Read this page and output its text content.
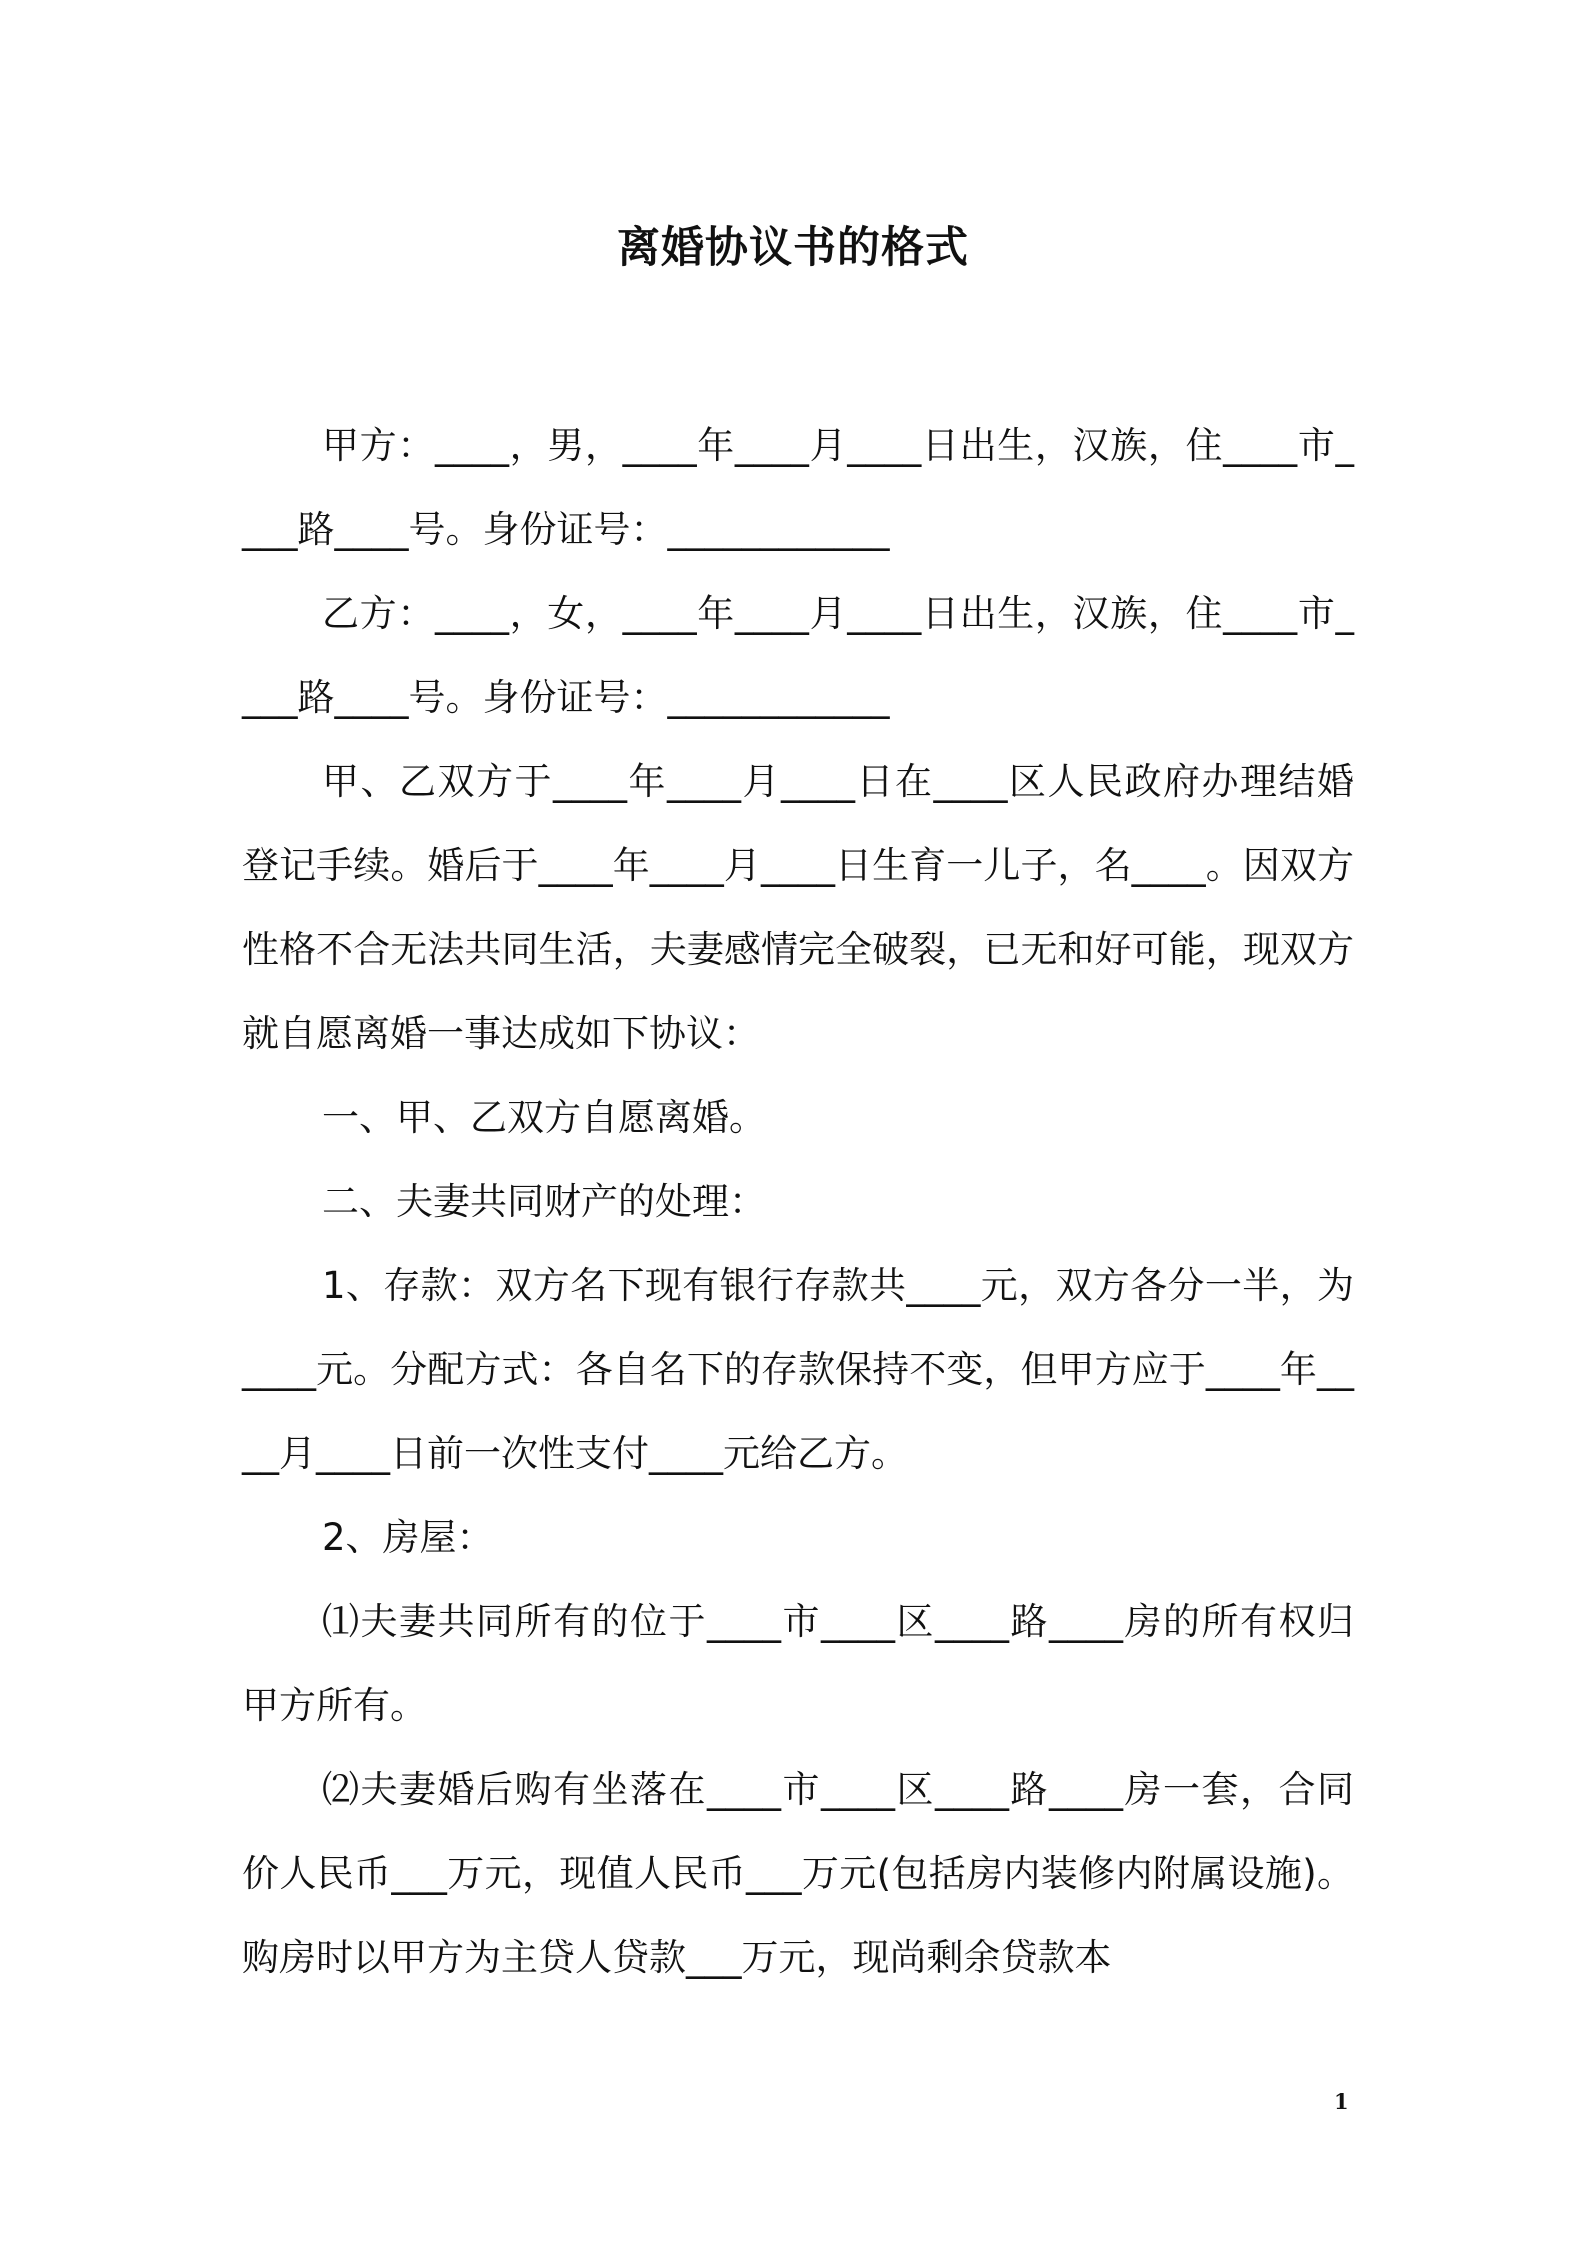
离婚协议书的格式

甲方：____，男，____年____月____日出生，汉族，住____市____路____号。身份证号：____________

乙方：____，女，____年____月____日出生，汉族，住____市____路____号。身份证号：____________

甲、乙双方于____年____月____日在____区人民政府办理结婚登记手续。婚后于____年____月____日生育一儿子，名____。因双方性格不合无法共同生活，夫妻感情完全破裂，已无和好可能，现双方就自愿离婚一事达成如下协议：

一、甲、乙双方自愿离婚。

二、夫妻共同财产的处理：

1、存款：双方名下现有银行存款共____元，双方各分一半，为____元。分配方式：各自名下的存款保持不变，但甲方应于____年____月____日前一次性支付____元给乙方。

2、房屋：

⑴夫妻共同所有的位于____市____区____路____房的所有权归甲方所有。

⑵夫妻婚后购有坐落在____市____区____路____房一套，合同价人民币___万元，现值人民币___万元(包括房内装修内附属设施)。购房时以甲方为主贷人贷款___万元，现尚剩余贷款本

1
